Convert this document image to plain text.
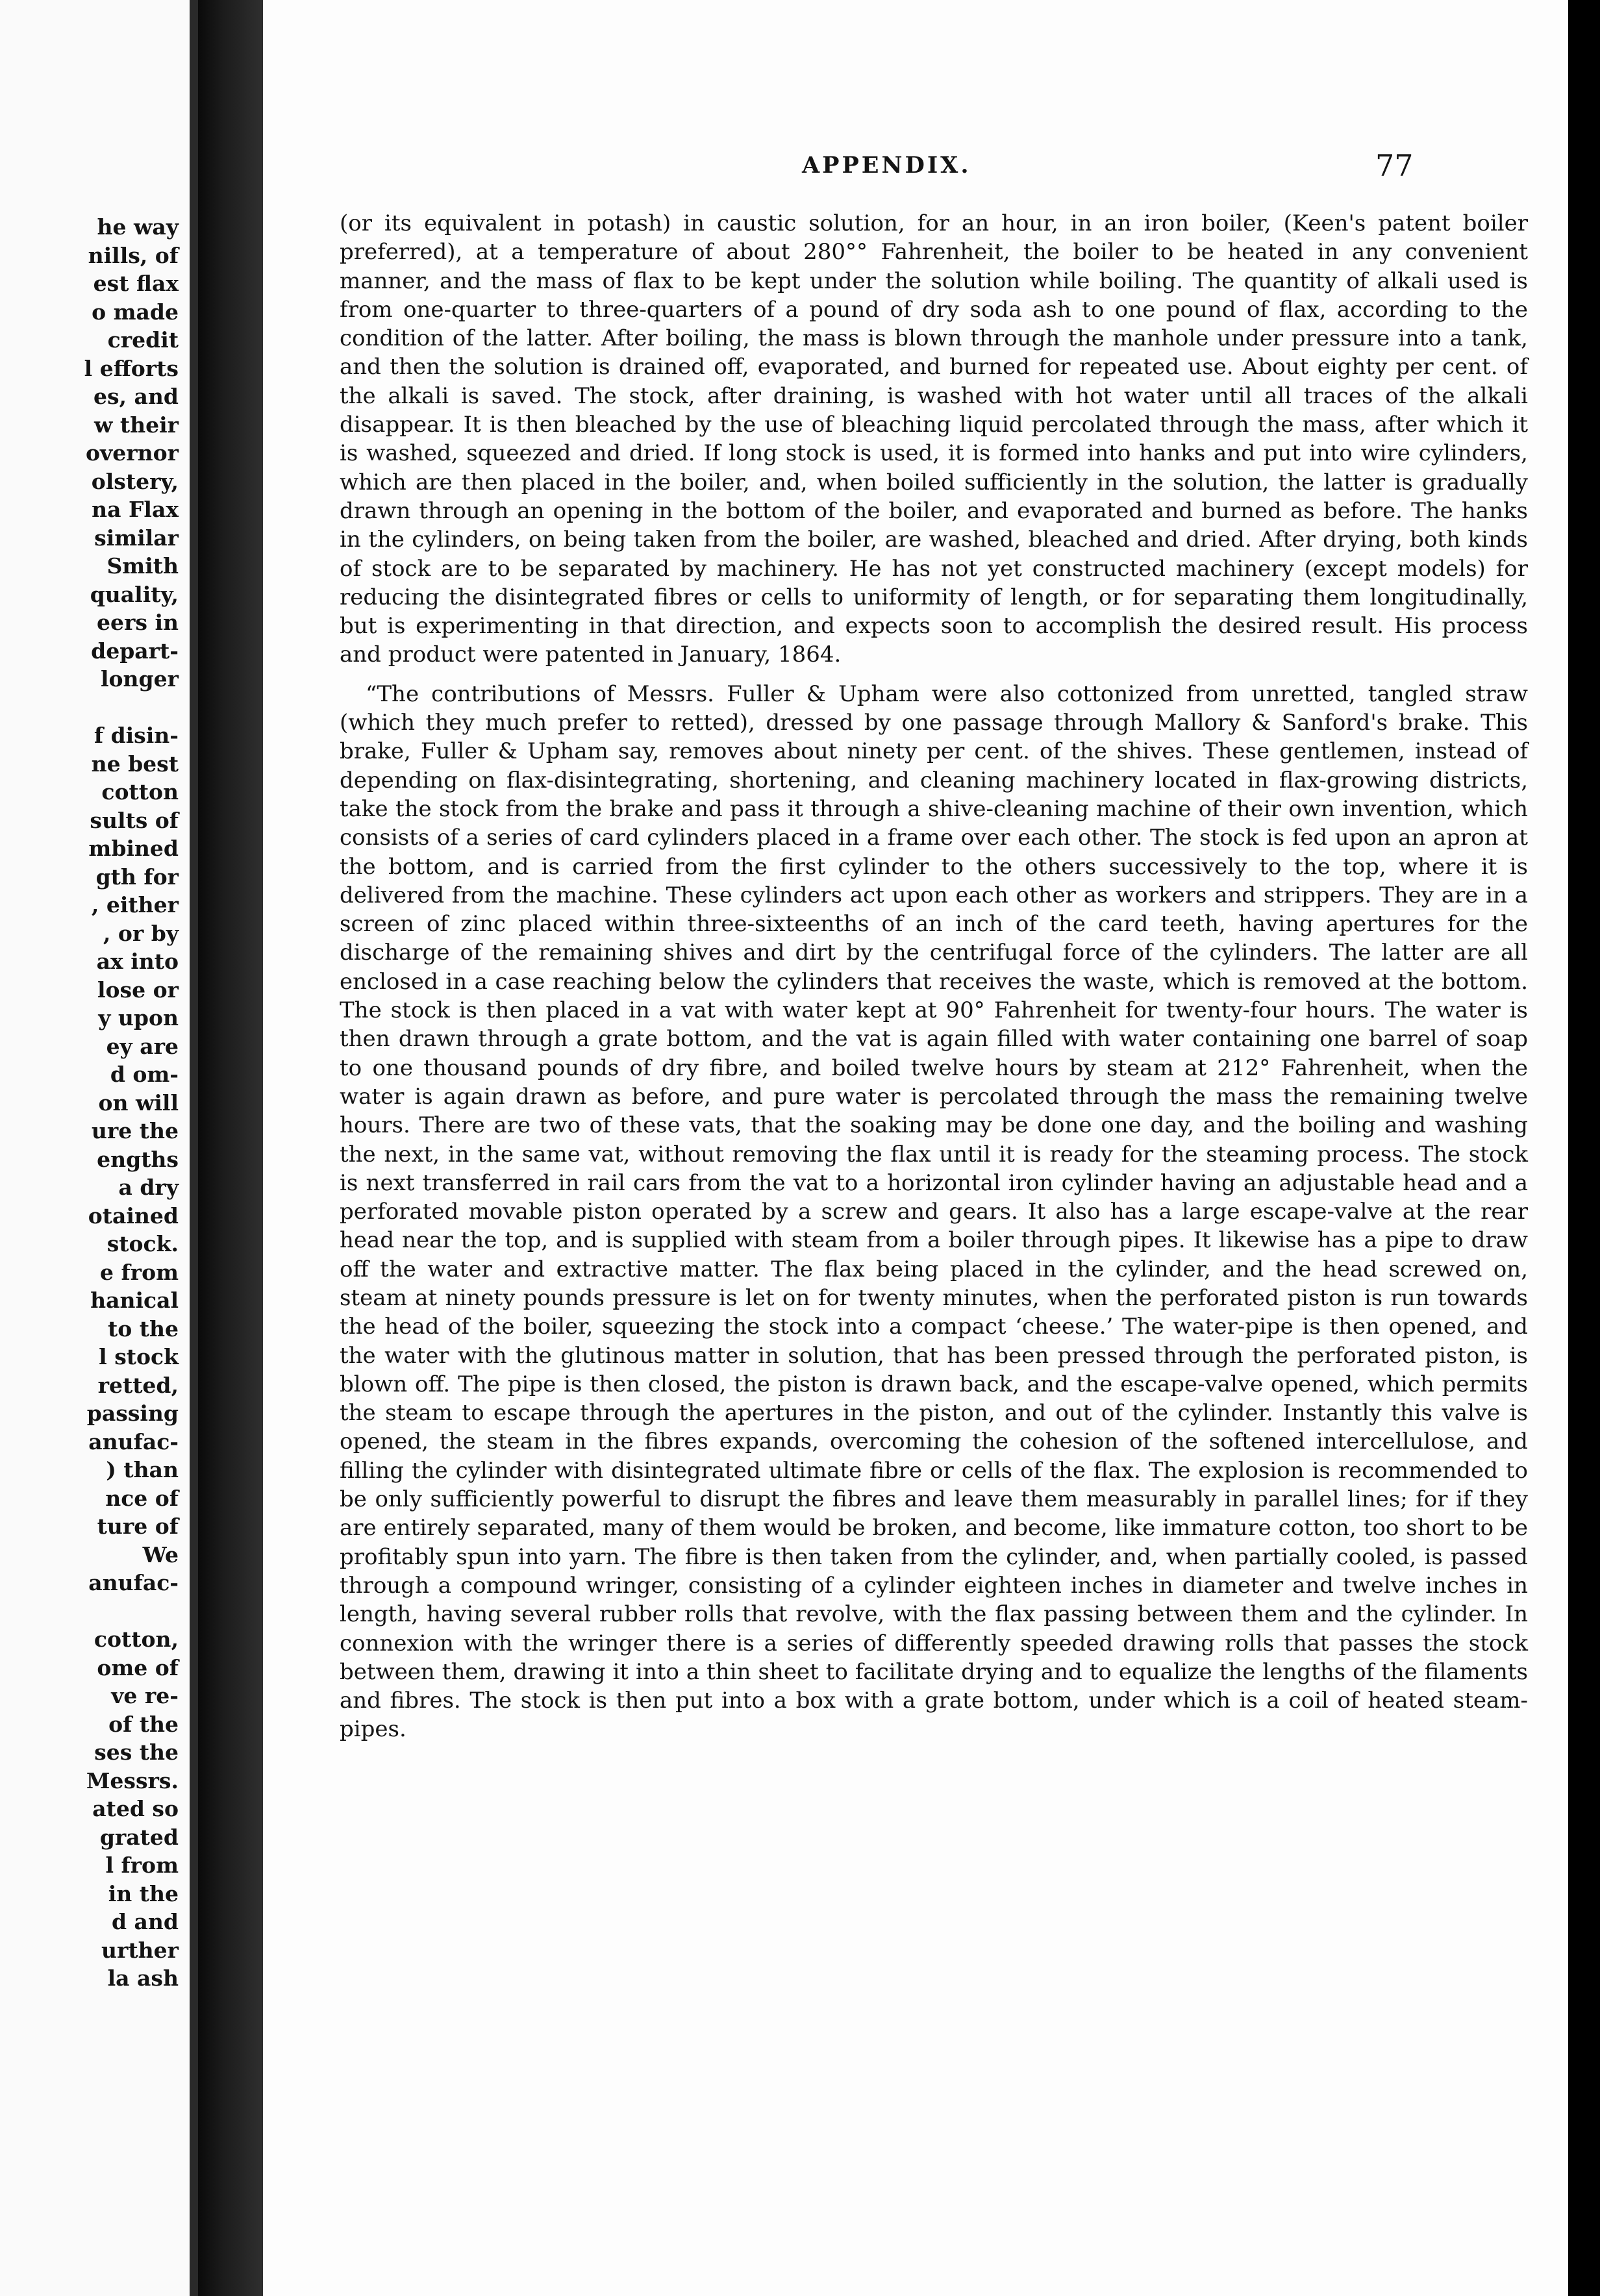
he way
nills, of
est flax
o made
credit
l efforts
es, and
w their
overnor
olstery,
na Flax
similar
Smith
quality,
eers in
depart-
longer
f disin-
ne best
cotton
sults of
mbined
gth for
, either
, or by
ax into
lose or
y upon
ey are
d om-
on will
ure the
engths
a dry
otained
stock.
e from
hanical
to the
l stock
retted,
passing
anufac-
) than
nce of
ture of
We
anufac-
cotton,
ome of
ve re-
of the
ses the
Messrs.
ated so
grated
l from
in the
d and
urther
la ash
APPENDIX.	77

(or its equivalent in potash) in caustic solution, for an hour, in an iron boiler, (Keen's patent boiler preferred), at a temperature of about 280°° Fahrenheit, the boiler to be heated in any convenient manner, and the mass of flax to be kept under the solution while boiling. The quantity of alkali used is from one-quarter to three-quarters of a pound of dry soda ash to one pound of flax, according to the condition of the latter. After boiling, the mass is blown through the manhole under pressure into a tank, and then the solution is drained off, evaporated, and burned for repeated use. About eighty per cent. of the alkali is saved. The stock, after draining, is washed with hot water until all traces of the alkali disappear. It is then bleached by the use of bleaching liquid percolated through the mass, after which it is washed, squeezed and dried. If long stock is used, it is formed into hanks and put into wire cylinders, which are then placed in the boiler, and, when boiled sufficiently in the solution, the latter is gradually drawn through an opening in the bottom of the boiler, and evaporated and burned as before. The hanks in the cylinders, on being taken from the boiler, are washed, bleached and dried. After drying, both kinds of stock are to be separated by machinery. He has not yet constructed machinery (except models) for reducing the disintegrated fibres or cells to uniformity of length, or for separating them longitudinally, but is experimenting in that direction, and expects soon to accomplish the desired result. His process and product were patented in January, 1864.

“The contributions of Messrs. Fuller & Upham were also cottonized from unretted, tangled straw (which they much prefer to retted), dressed by one passage through Mallory & Sanford's brake. This brake, Fuller & Upham say, removes about ninety per cent. of the shives. These gentlemen, instead of depending on flax-disintegrating, shortening, and cleaning machinery located in flax-growing districts, take the stock from the brake and pass it through a shive-cleaning machine of their own invention, which consists of a series of card cylinders placed in a frame over each other. The stock is fed upon an apron at the bottom, and is carried from the first cylinder to the others successively to the top, where it is delivered from the machine. These cylinders act upon each other as workers and strippers. They are in a screen of zinc placed within three-sixteenths of an inch of the card teeth, having apertures for the discharge of the remaining shives and dirt by the centrifugal force of the cylinders. The latter are all enclosed in a case reaching below the cylinders that receives the waste, which is removed at the bottom. The stock is then placed in a vat with water kept at 90° Fahrenheit for twenty-four hours. The water is then drawn through a grate bottom, and the vat is again filled with water containing one barrel of soap to one thousand pounds of dry fibre, and boiled twelve hours by steam at 212° Fahrenheit, when the water is again drawn as before, and pure water is percolated through the mass the remaining twelve hours. There are two of these vats, that the soaking may be done one day, and the boiling and washing the next, in the same vat, without removing the flax until it is ready for the steaming process. The stock is next transferred in rail cars from the vat to a horizontal iron cylinder having an adjustable head and a perforated movable piston operated by a screw and gears. It also has a large escape-valve at the rear head near the top, and is supplied with steam from a boiler through pipes. It likewise has a pipe to draw off the water and extractive matter. The flax being placed in the cylinder, and the head screwed on, steam at ninety pounds pressure is let on for twenty minutes, when the perforated piston is run towards the head of the boiler, squeezing the stock into a compact ‘cheese.’ The water-pipe is then opened, and the water with the glutinous matter in solution, that has been pressed through the perforated piston, is blown off. The pipe is then closed, the piston is drawn back, and the escape-valve opened, which permits the steam to escape through the apertures in the piston, and out of the cylinder. Instantly this valve is opened, the steam in the fibres expands, overcoming the cohesion of the softened intercellulose, and filling the cylinder with disintegrated ultimate fibre or cells of the flax. The explosion is recommended to be only sufficiently powerful to disrupt the fibres and leave them measurably in parallel lines; for if they are entirely separated, many of them would be broken, and become, like immature cotton, too short to be profitably spun into yarn. The fibre is then taken from the cylinder, and, when partially cooled, is passed through a compound wringer, consisting of a cylinder eighteen inches in diameter and twelve inches in length, having several rubber rolls that revolve, with the flax passing between them and the cylinder. In connexion with the wringer there is a series of differently speeded drawing rolls that passes the stock between them, drawing it into a thin sheet to facilitate drying and to equalize the lengths of the filaments and fibres. The stock is then put into a box with a grate bottom, under which is a coil of heated steam-pipes.
